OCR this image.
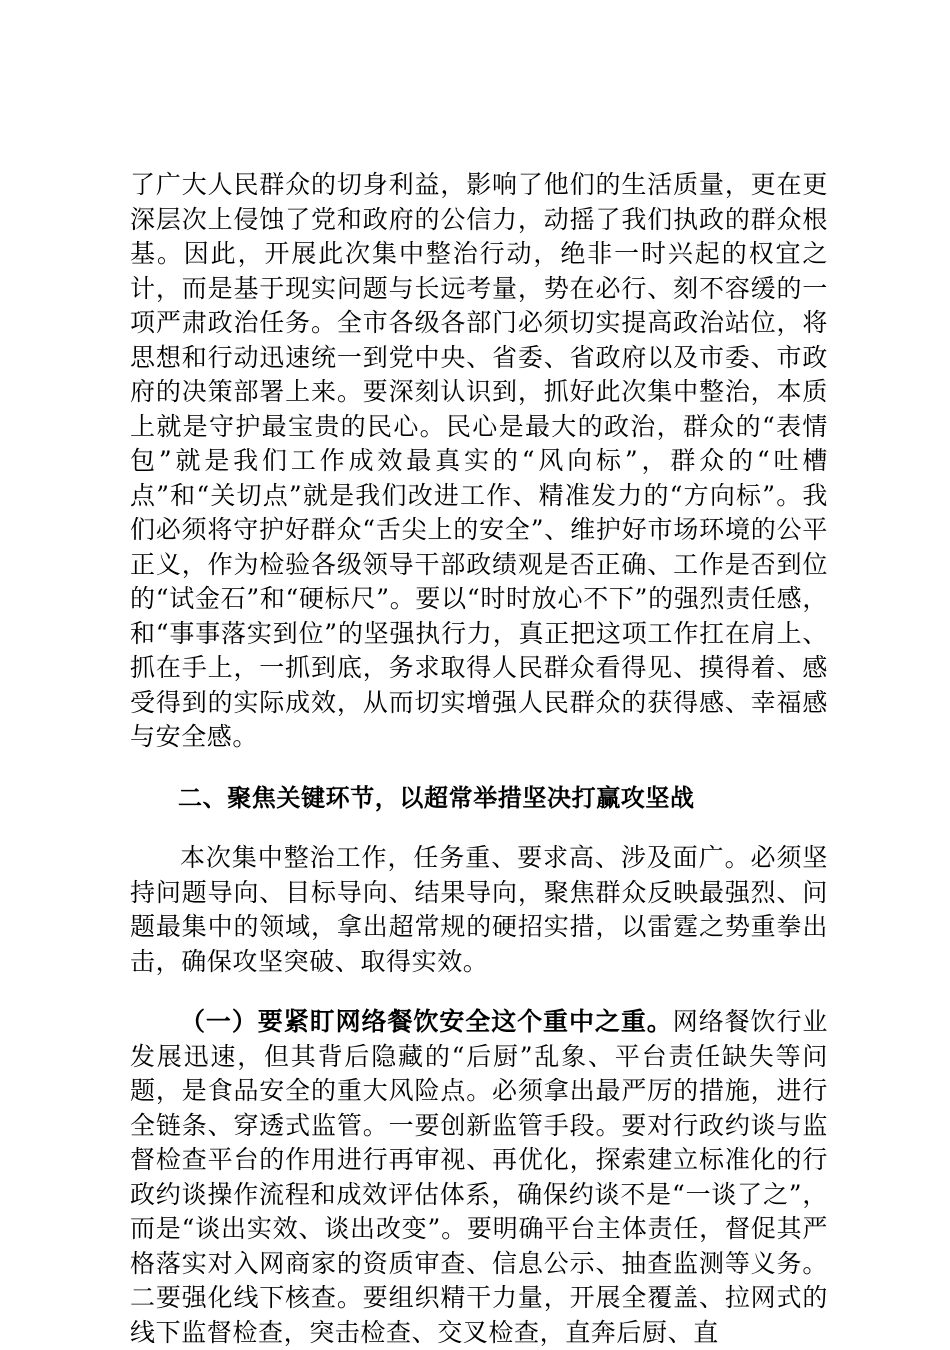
了广大人民群众的切身利益，影响了他们的生活质量，更在更深层次上侵蚀了党和政府的公信力，动摇了我们执政的群众根基。因此，开展此次集中整治行动，绝非一时兴起的权宜之计，而是基于现实问题与长远考量，势在必行、刻不容缓的一项严肃政治任务。全市各级各部门必须切实提高政治站位，将思想和行动迅速统一到党中央、省委、省政府以及市委、市政府的决策部署上来。要深刻认识到，抓好此次集中整治，本质上就是守护最宝贵的民心。民心是最大的政治，群众的“表情包”就是我们工作成效最真实的“风向标”，群众的“吐槽点”和“关切点”就是我们改进工作、精准发力的“方向标”。我们必须将守护好群众“舌尖上的安全”、维护好市场环境的公平正义，作为检验各级领导干部政绩观是否正确、工作是否到位的“试金石”和“硬标尺”。要以“时时放心不下”的强烈责任感，和“事事落实到位”的坚强执行力，真正把这项工作扛在肩上、抓在手上，一抓到底，务求取得人民群众看得见、摸得着、感受得到的实际成效，从而切实增强人民群众的获得感、幸福感与安全感。

二、聚焦关键环节，以超常举措坚决打赢攻坚战

本次集中整治工作，任务重、要求高、涉及面广。必须坚持问题导向、目标导向、结果导向，聚焦群众反映最强烈、问题最集中的领域，拿出超常规的硬招实措，以雷霆之势重拳出击，确保攻坚突破、取得实效。

（一）要紧盯网络餐饮安全这个重中之重。网络餐饮行业发展迅速，但其背后隐藏的“后厨”乱象、平台责任缺失等问题，是食品安全的重大风险点。必须拿出最严厉的措施，进行全链条、穿透式监管。一要创新监管手段。要对行政约谈与监督检查平台的作用进行再审视、再优化，探索建立标准化的行政约谈操作流程和成效评估体系，确保约谈不是“一谈了之”，而是“谈出实效、谈出改变”。要明确平台主体责任，督促其严格落实对入网商家的资质审查、信息公示、抽查监测等义务。二要强化线下核查。要组织精干力量，开展全覆盖、拉网式的线下监督检查，突击检查、交叉检查，直奔后厨、直
